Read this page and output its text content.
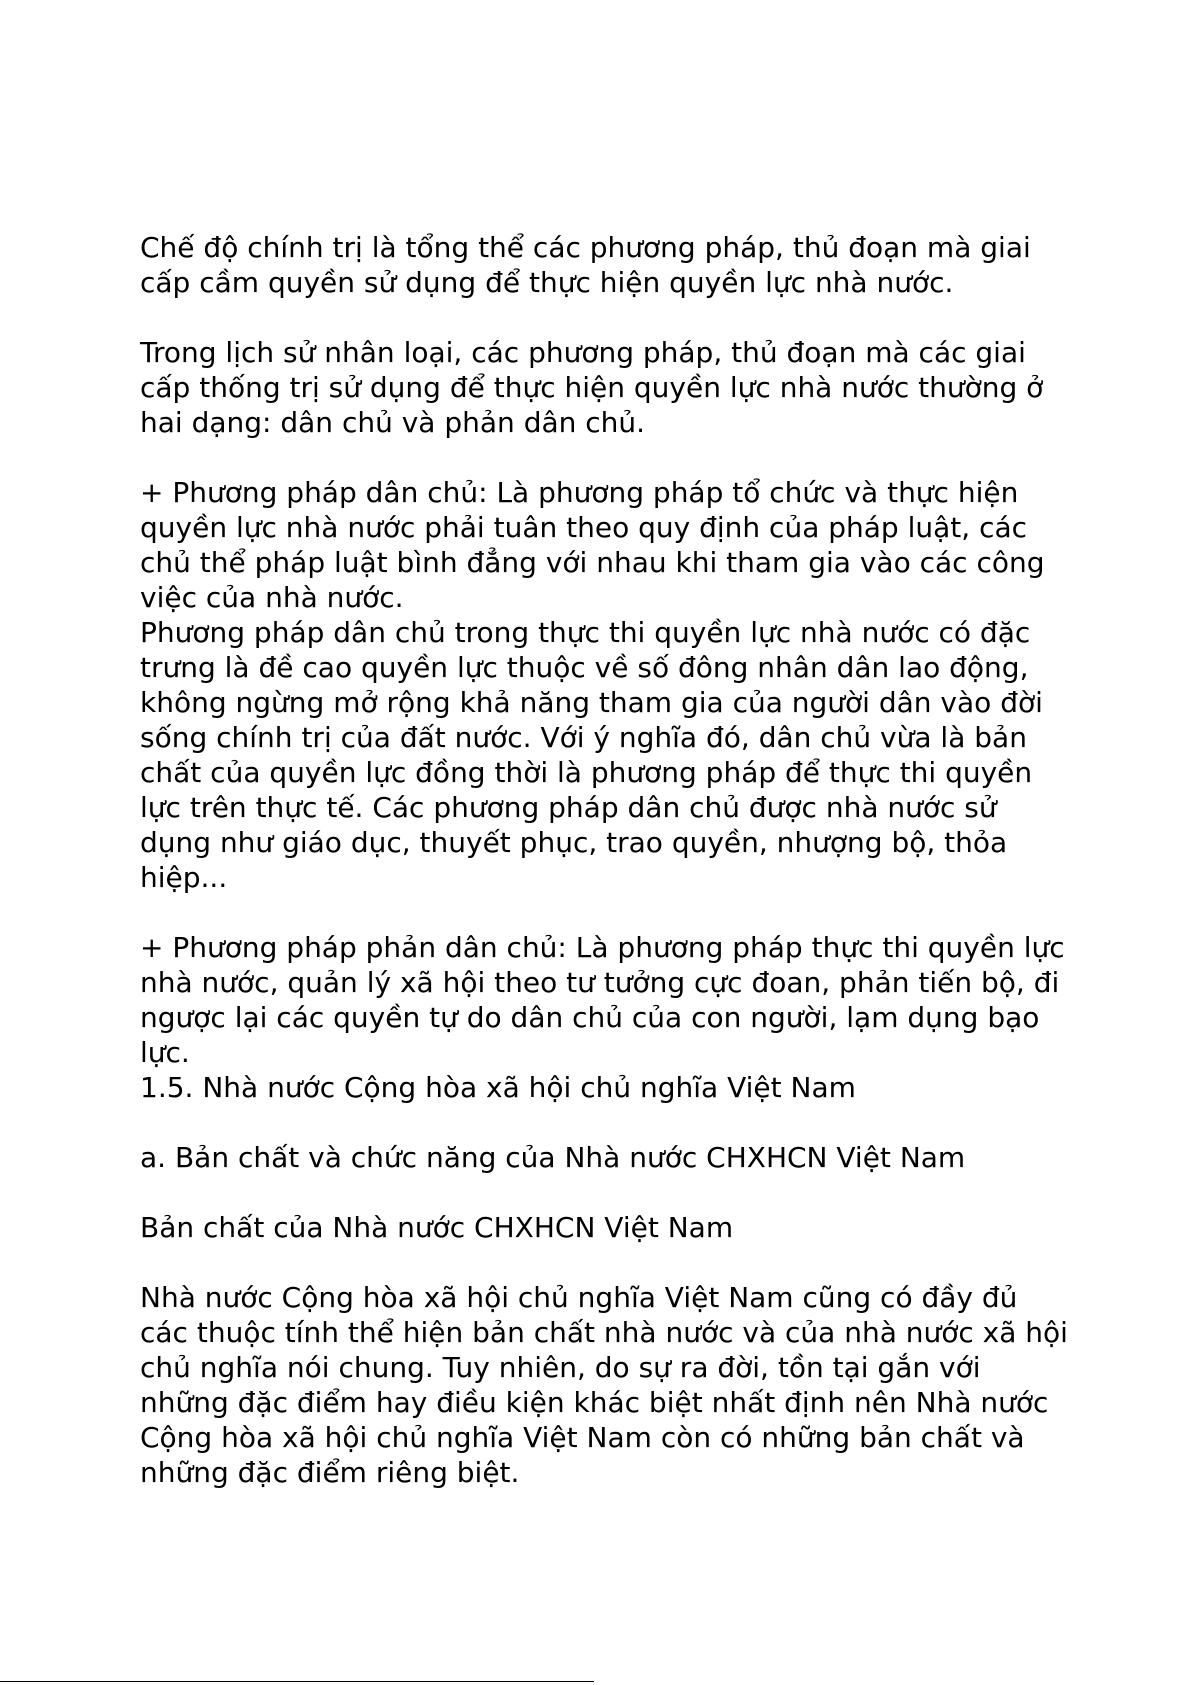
Chế độ chính trị là tổng thể các phương pháp, thủ đoạn mà giai cấp cầm quyền sử dụng để thực hiện quyền lực nhà nước.

Trong lịch sử nhân loại, các phương pháp, thủ đoạn mà các giai cấp thống trị sử dụng để thực hiện quyền lực nhà nước thường ở hai dạng: dân chủ và phản dân chủ.

+ Phương pháp dân chủ: Là phương pháp tổ chức và thực hiện quyền lực nhà nước phải tuân theo quy định của pháp luật, các chủ thể pháp luật bình đẳng với nhau khi tham gia vào các công việc của nhà nước.

Phương pháp dân chủ trong thực thi quyền lực nhà nước có đặc trưng là đề cao quyền lực thuộc về số đông nhân dân lao động, không ngừng mở rộng khả năng tham gia của người dân vào đời sống chính trị của đất nước. Với ý nghĩa đó, dân chủ vừa là bản chất của quyền lực đồng thời là phương pháp để thực thi quyền lực trên thực tế. Các phương pháp dân chủ được nhà nước sử dụng như giáo dục, thuyết phục, trao quyền, nhượng bộ, thỏa hiệp...

+ Phương pháp phản dân chủ: Là phương pháp thực thi quyền lực nhà nước, quản lý xã hội theo tư tưởng cực đoan, phản tiến bộ, đi ngược lại các quyền tự do dân chủ của con người, lạm dụng bạo lực.

1.5. Nhà nước Cộng hòa xã hội chủ nghĩa Việt Nam

a. Bản chất và chức năng của Nhà nước CHXHCN Việt Nam

Bản chất của Nhà nước CHXHCN Việt Nam

Nhà nước Cộng hòa xã hội chủ nghĩa Việt Nam cũng có đầy đủ các thuộc tính thể hiện bản chất nhà nước và của nhà nước xã hội chủ nghĩa nói chung. Tuy nhiên, do sự ra đời, tồn tại gắn với những đặc điểm hay điều kiện khác biệt nhất định nên Nhà nước Cộng hòa xã hội chủ nghĩa Việt Nam còn có những bản chất và những đặc điểm riêng biệt.
